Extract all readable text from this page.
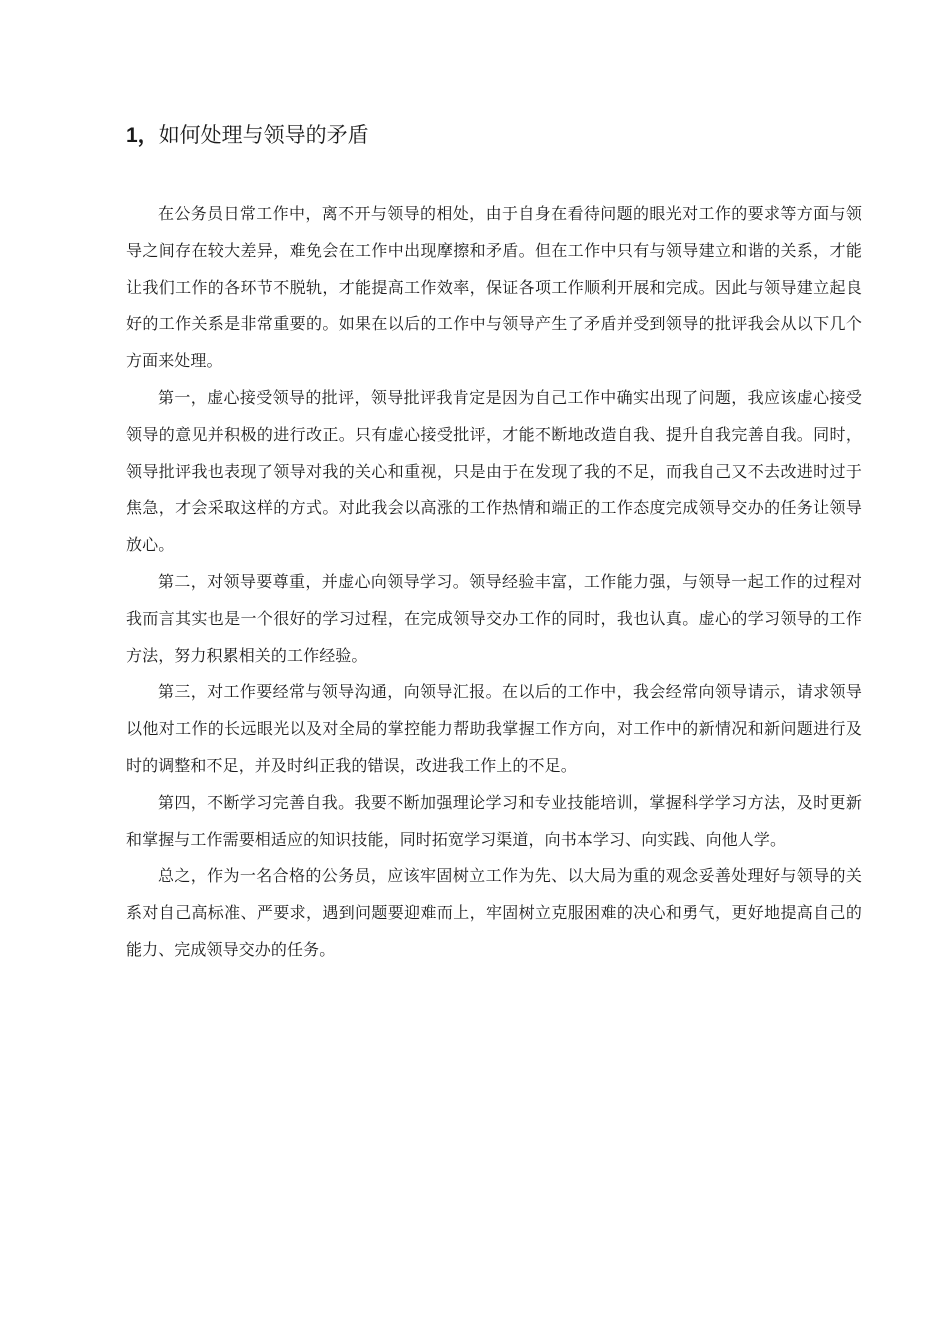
1，如何处理与领导的矛盾

在公务员日常工作中，离不开与领导的相处，由于自身在看待问题的眼光对工作的要求等方面与领导之间存在较大差异，难免会在工作中出现摩擦和矛盾。但在工作中只有与领导建立和谐的关系，才能让我们工作的各环节不脱轨，才能提高工作效率，保证各项工作顺利开展和完成。因此与领导建立起良好的工作关系是非常重要的。如果在以后的工作中与领导产生了矛盾并受到领导的批评我会从以下几个方面来处理。

第一，虚心接受领导的批评，领导批评我肯定是因为自己工作中确实出现了问题，我应该虚心接受领导的意见并积极的进行改正。只有虚心接受批评，才能不断地改造自我、提升自我完善自我。同时，领导批评我也表现了领导对我的关心和重视，只是由于在发现了我的不足，而我自己又不去改进时过于焦急，才会采取这样的方式。对此我会以高涨的工作热情和端正的工作态度完成领导交办的任务让领导放心。

第二，对领导要尊重，并虚心向领导学习。领导经验丰富，工作能力强，与领导一起工作的过程对我而言其实也是一个很好的学习过程，在完成领导交办工作的同时，我也认真。虚心的学习领导的工作方法，努力积累相关的工作经验。

第三，对工作要经常与领导沟通，向领导汇报。在以后的工作中，我会经常向领导请示，请求领导以他对工作的长远眼光以及对全局的掌控能力帮助我掌握工作方向，对工作中的新情况和新问题进行及时的调整和不足，并及时纠正我的错误，改进我工作上的不足。

第四，不断学习完善自我。我要不断加强理论学习和专业技能培训，掌握科学学习方法，及时更新和掌握与工作需要相适应的知识技能，同时拓宽学习渠道，向书本学习、向实践、向他人学。

总之，作为一名合格的公务员，应该牢固树立工作为先、以大局为重的观念妥善处理好与领导的关系对自己高标准、严要求，遇到问题要迎难而上，牢固树立克服困难的决心和勇气，更好地提高自己的能力、完成领导交办的任务。
